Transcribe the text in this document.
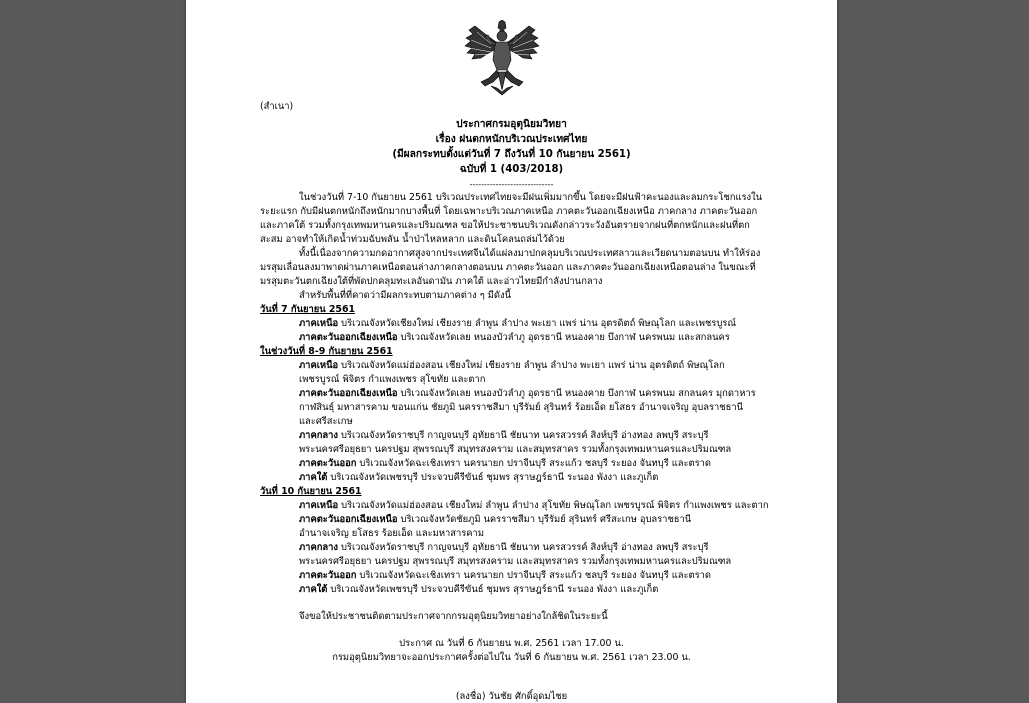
(สำเนา)
ประกาศกรมอุตุนิยมวิทยา
เรื่อง ฝนตกหนักบริเวณประเทศไทย
(มีผลกระทบตั้งแต่วันที่ 7 ถึงวันที่ 10 กันยายน 2561)
ฉบับที่ 1 (403/2018)
-----------------------------
ในช่วงวันที่ 7-10 กันยายน 2561 บริเวณประเทศไทยจะมีฝนเพิ่มมากขึ้น โดยจะมีฝนฟ้าคะนองและลมกระโชกแรงใน
ระยะแรก กับมีฝนตกหนักถึงหนักมากบางพื้นที่ โดยเฉพาะบริเวณภาคเหนือ ภาคตะวันออกเฉียงเหนือ ภาคกลาง ภาคตะวันออก
และภาคใต้ รวมทั้งกรุงเทพมหานครและปริมณฑล ขอให้ประชาชนบริเวณดังกล่าวระวังอันตรายจากฝนที่ตกหนักและฝนที่ตก
สะสม อาจทำให้เกิดน้ำท่วมฉับพลัน น้ำป่าไหลหลาก และดินโคลนถล่มไว้ด้วย
ทั้งนี้เนื่องจากความกดอากาศสูงจากประเทศจีนได้แผ่ลงมาปกคลุมบริเวณประเทศลาวและเวียดนามตอนบน ทำให้ร่อง
มรสุมเลื่อนลงมาพาดผ่านภาคเหนือตอนล่างภาคกลางตอนบน ภาคตะวันออก และภาคตะวันออกเฉียงเหนือตอนล่าง ในขณะที่
มรสุมตะวันตกเฉียงใต้ที่พัดปกคลุมทะเลอันดามัน ภาคใต้ และอ่าวไทยมีกำลังปานกลาง
สำหรับพื้นที่ที่คาดว่ามีผลกระทบตามภาคต่าง ๆ มีดังนี้
วันที่ 7 กันยายน 2561
ภาคเหนือ บริเวณจังหวัดเชียงใหม่ เชียงราย ลำพูน ลำปาง พะเยา แพร่ น่าน อุตรดิตถ์ พิษณุโลก และเพชรบูรณ์
ภาคตะวันออกเฉียงเหนือ บริเวณจังหวัดเลย หนองบัวลำภู อุดรธานี หนองคาย บึงกาฬ นครพนม และสกลนคร
ในช่วงวันที่ 8-9 กันยายน 2561
ภาคเหนือ บริเวณจังหวัดแม่ฮ่องสอน เชียงใหม่ เชียงราย ลำพูน ลำปาง พะเยา แพร่ น่าน อุตรดิตถ์ พิษณุโลก
เพชรบูรณ์ พิจิตร กำแพงเพชร สุโขทัย และตาก
ภาคตะวันออกเฉียงเหนือ บริเวณจังหวัดเลย หนองบัวลำภู อุดรธานี หนองคาย บึงกาฬ นครพนม สกลนคร มุกดาหาร
กาฬสินธุ์ มหาสารคาม ขอนแก่น ชัยภูมิ นครราชสีมา บุรีรัมย์ สุรินทร์ ร้อยเอ็ด ยโสธร อำนาจเจริญ อุบลราชธานี
และศรีสะเกษ
ภาคกลาง บริเวณจังหวัดราชบุรี กาญจนบุรี อุทัยธานี ชัยนาท นครสวรรค์ สิงห์บุรี อ่างทอง ลพบุรี สระบุรี
พระนครศรีอยุธยา นครปฐม สุพรรณบุรี สมุทรสงคราม และสมุทรสาคร รวมทั้งกรุงเทพมหานครและปริมณฑล
ภาคตะวันออก บริเวณจังหวัดฉะเชิงเทรา นครนายก ปราจีนบุรี สระแก้ว ชลบุรี ระยอง จันทบุรี และตราด
ภาคใต้ บริเวณจังหวัดเพชรบุรี ประจวบคีรีขันธ์ ชุมพร สุราษฎร์ธานี ระนอง พังงา และภูเก็ต
วันที่ 10 กันยายน 2561
ภาคเหนือ บริเวณจังหวัดแม่ฮ่องสอน เชียงใหม่ ลำพูน ลำปาง สุโขทัย พิษณุโลก เพชรบูรณ์ พิจิตร กำแพงเพชร และตาก
ภาคตะวันออกเฉียงเหนือ บริเวณจังหวัดชัยภูมิ นครราชสีมา บุรีรัมย์ สุรินทร์ ศรีสะเกษ อุบลราชธานี
อำนาจเจริญ ยโสธร ร้อยเอ็ด และมหาสารคาม
ภาคกลาง บริเวณจังหวัดราชบุรี กาญจนบุรี อุทัยธานี ชัยนาท นครสวรรค์ สิงห์บุรี อ่างทอง ลพบุรี สระบุรี
พระนครศรีอยุธยา นครปฐม สุพรรณบุรี สมุทรสงคราม และสมุทรสาคร รวมทั้งกรุงเทพมหานครและปริมณฑล
ภาคตะวันออก บริเวณจังหวัดฉะเชิงเทรา นครนายก ปราจีนบุรี สระแก้ว ชลบุรี ระยอง จันทบุรี และตราด
ภาคใต้ บริเวณจังหวัดเพชรบุรี ประจวบคีรีขันธ์ ชุมพร สุราษฎร์ธานี ระนอง พังงา และภูเก็ต
จึงขอให้ประชาชนติดตามประกาศจากกรมอุตุนิยมวิทยาอย่างใกล้ชิดในระยะนี้
ประกาศ ณ วันที่ 6 กันยายน พ.ศ. 2561 เวลา 17.00 น.
กรมอุตุนิยมวิทยาจะออกประกาศครั้งต่อไปใน วันที่ 6 กันยายน พ.ศ. 2561 เวลา 23.00 น.
(ลงชื่อ) วันชัย ศักดิ์อุดมไชย
